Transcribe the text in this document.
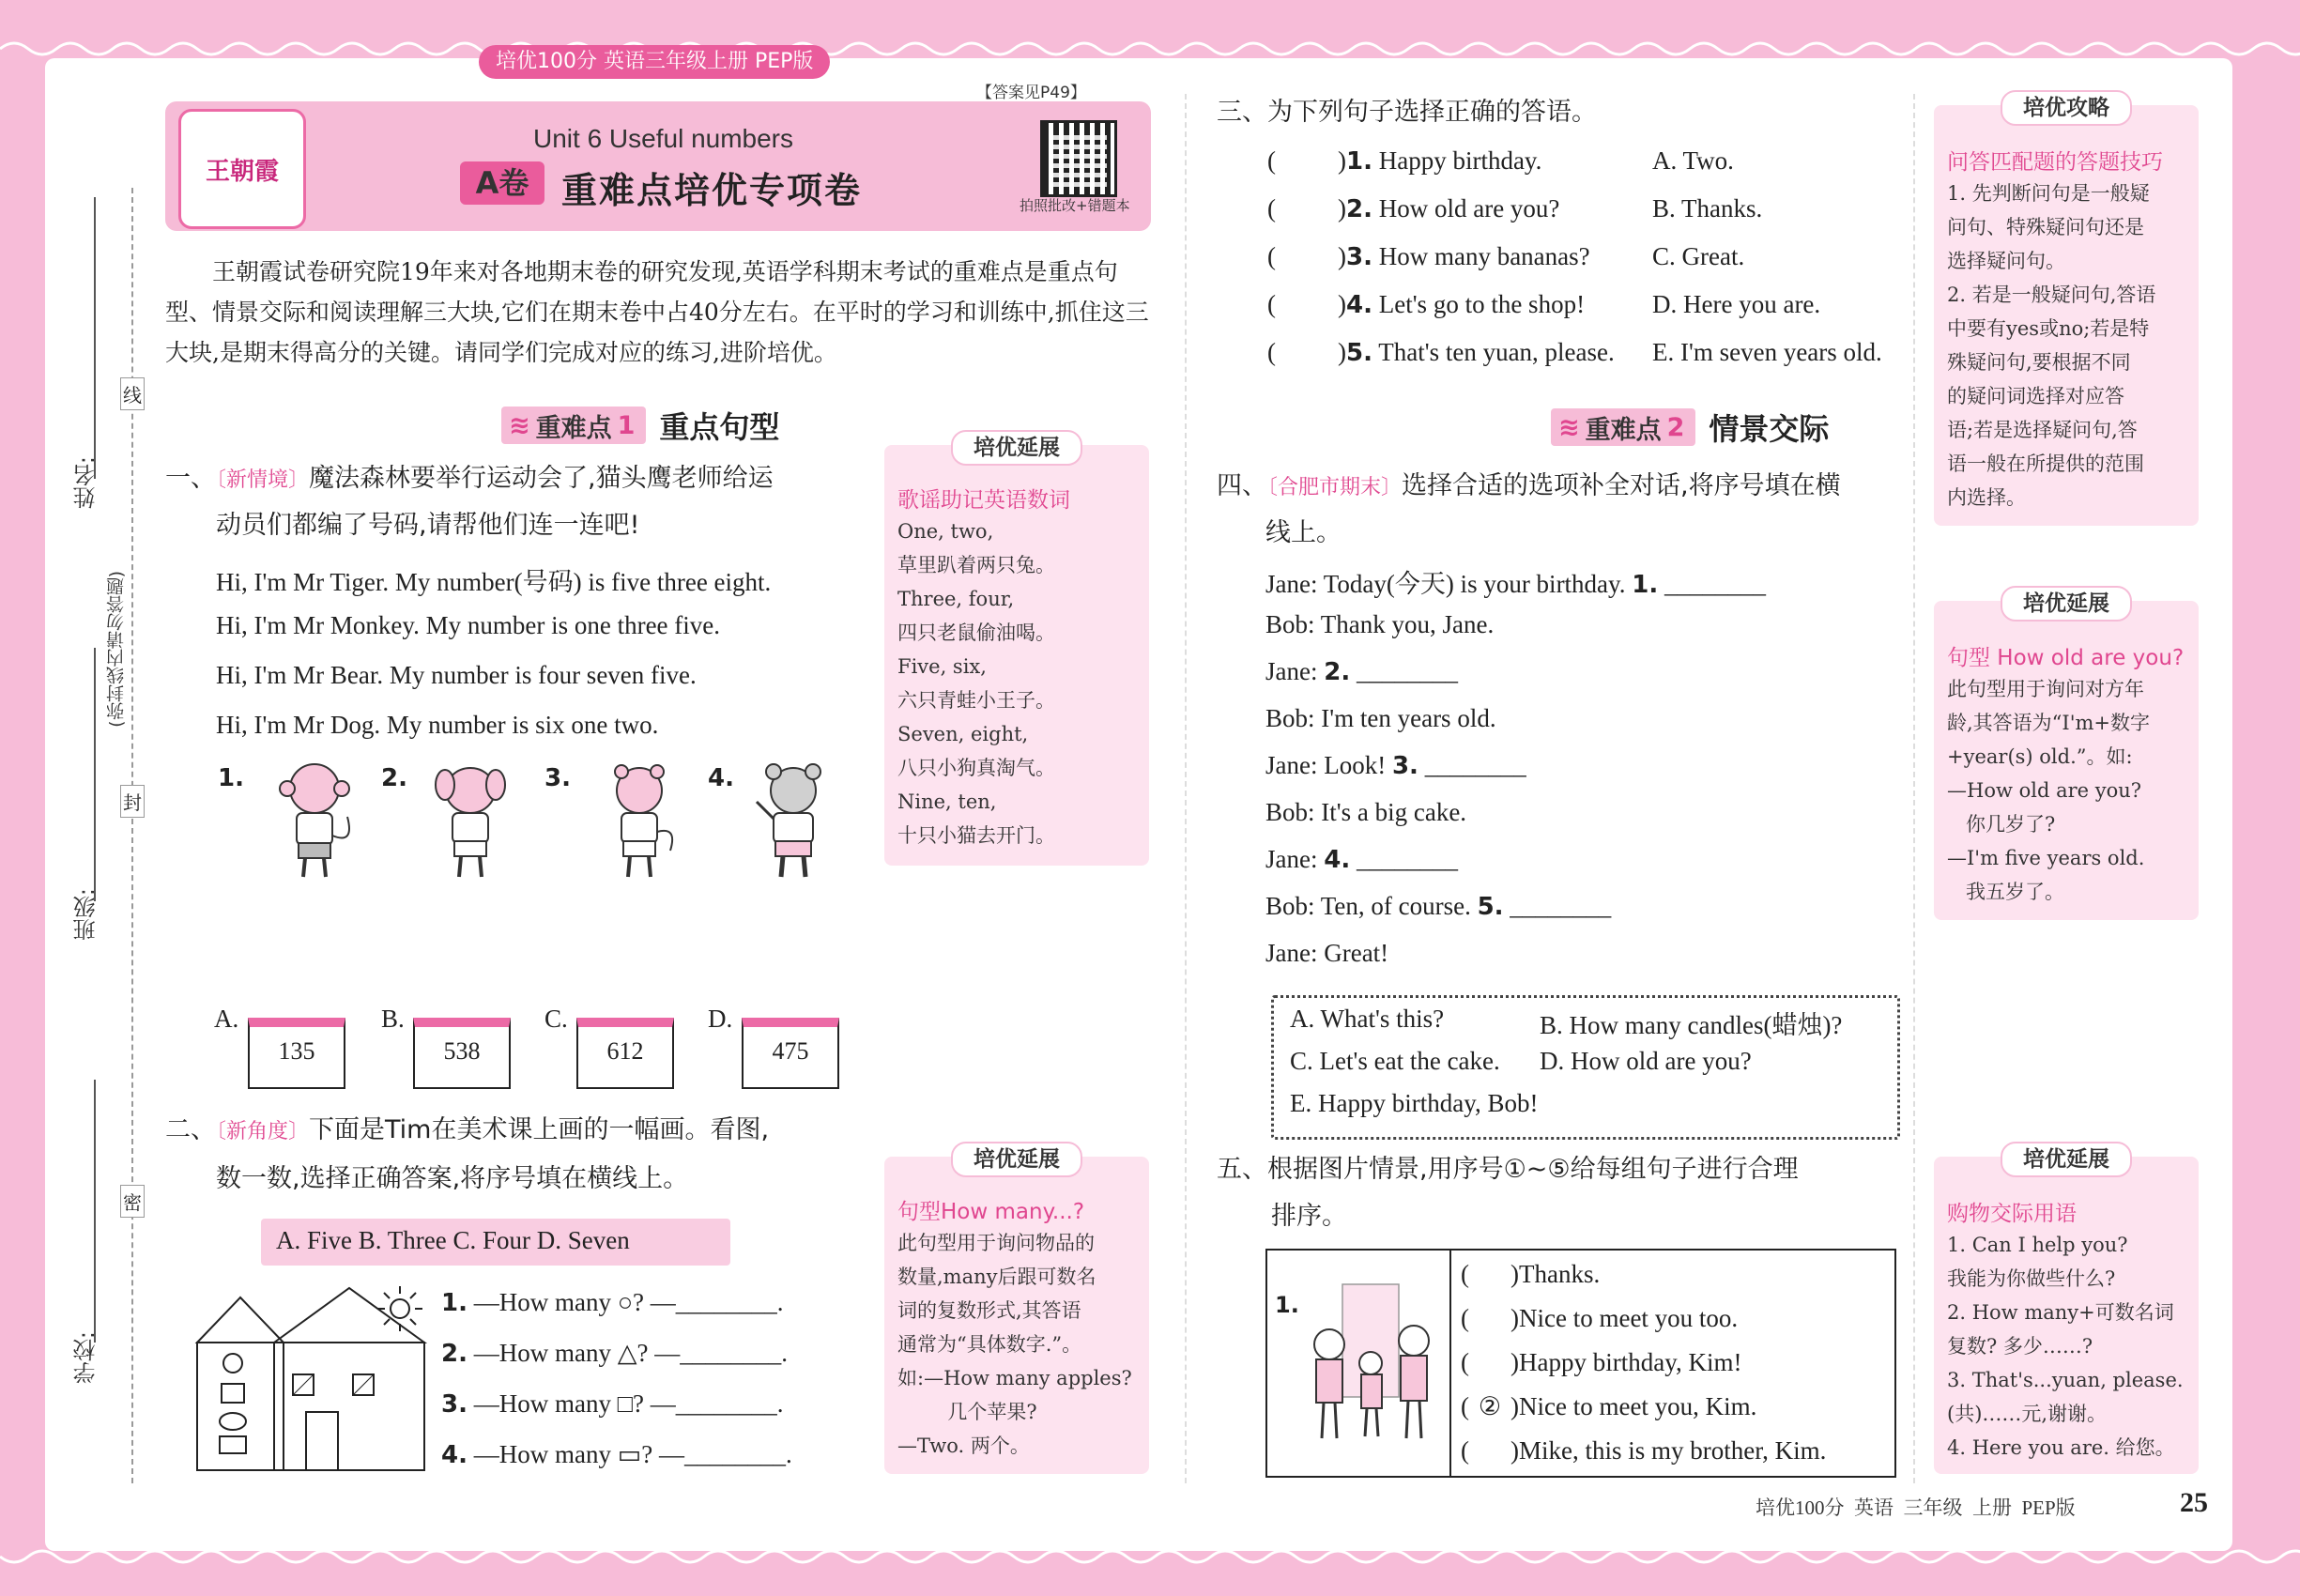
培优100分 英语三年级上册 PEP版
线
封
密
姓名:
(弥封线内请勿答题)
班级:
学校:
王朝霞
Unit 6 Useful numbers
A卷 重难点培优专项卷
【答案见P49】
拍照批改+错题本
王朝霞试卷研究院19年来对各地期末卷的研究发现,英语学科期末考试的重难点是重点句型、情景交际和阅读理解三大块,它们在期末卷中占40分左右。在平时的学习和训练中,抓住这三大块,是期末得高分的关键。请同学们完成对应的练习,进阶培优。
≋ 重难点 1 重点句型
一、〔新情境〕魔法森林要举行运动会了,猫头鹰老师给运
动员们都编了号码,请帮他们连一连吧!
Hi, I'm Mr Tiger. My number(号码) is five three eight.
Hi, I'm Mr Monkey. My number is one three five.
Hi, I'm Mr Bear. My number is four seven five.
Hi, I'm Mr Dog. My number is six one two.
1.	2.	3.	4.
A.
135
B.
538
C.
612
D.
475
二、〔新角度〕下面是Tim在美术课上画的一幅画。看图,
数一数,选择正确答案,将序号填在横线上。
A. Five B. Three C. Four D. Seven
1. —How many ○? —________.
2. —How many △? —________.
3. —How many □? —________.
4. —How many ▭? —________.
培优延展
歌谣助记英语数词
One, two,
草里趴着两只兔。
Three, four,
四只老鼠偷油喝。
Five, six,
六只青蛙小王子。
Seven, eight,
八只小狗真淘气。
Nine, ten,
十只小猫去开门。
培优延展
句型How many...?
此句型用于询问物品的
数量,many后跟可数名
词的复数形式,其答语
通常为“具体数字.”。
如:—How many apples?
几个苹果?
—Two. 两个。
三、为下列句子选择正确的答语。
( )1. Happy birthday.	A. Two.
( )2. How old are you?	B. Thanks.
( )3. How many bananas? C. Great.
( )4. Let's go to the shop!	D. Here you are.
( )5. That's ten yuan, please. E. I'm seven years old.
≋ 重难点 2 情景交际
四、〔合肥市期末〕选择合适的选项补全对话,将序号填在横
线上。
Jane: Today(今天) is your birthday. 1. ________
Bob: Thank you, Jane.
Jane: 2. ________
Bob: I'm ten years old.
Jane: Look! 3. ________
Bob: It's a big cake.
Jane: 4. ________
Bob: Ten, of course. 5. ________
Jane: Great!
A. What's this?	B. How many candles(蜡烛)?
C. Let's eat the cake. D. How old are you?
E. Happy birthday, Bob!
五、根据图片情景,用序号①~⑤给每组句子进行合理
排序。
1.
( )Thanks.
( )Nice to meet you too.
( )Happy birthday, Kim!
( ② )Nice to meet you, Kim.
( )Mike, this is my brother, Kim.
培优攻略
问答匹配题的答题技巧
1. 先判断问句是一般疑
问句、特殊疑问句还是
选择疑问句。
2. 若是一般疑问句,答语
中要有yes或no;若是特
殊疑问句,要根据不同
的疑问词选择对应答
语;若是选择疑问句,答
语一般在所提供的范围
内选择。
培优延展
句型 How old are you?
此句型用于询问对方年
龄,其答语为“I'm+数字
+year(s) old.”。如:
—How old are you?
你几岁了?
—I'm five years old.
我五岁了。
培优延展
购物交际用语
1. Can I help you?
我能为你做些什么?
2. How many+可数名词
复数? 多少……?
3. That's...yuan, please.
(共)……元,谢谢。
4. Here you are. 给您。
培优100分  英语  三年级  上册  PEP版	25
